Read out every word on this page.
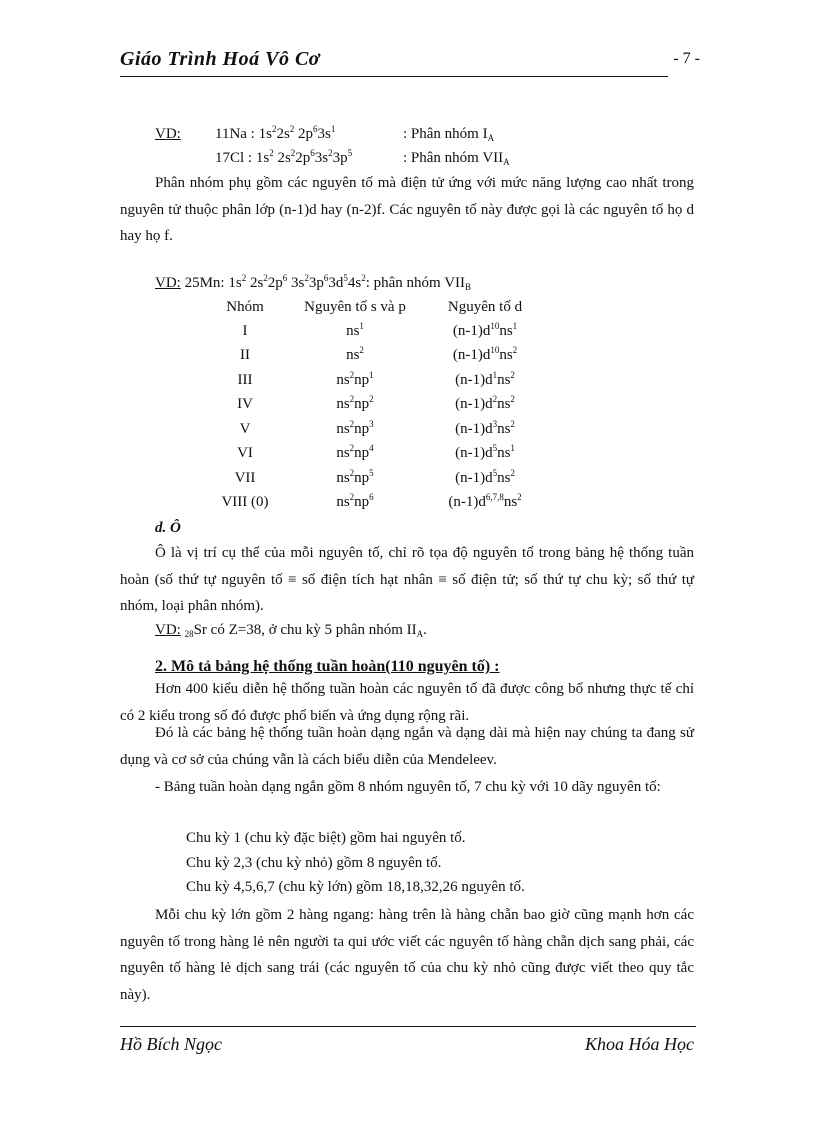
Giáo Trình Hoá Vô Cơ	- 7 -
VD: 11Na : $1s^22s^2$ $2p^63s^1$	: Phân nhóm $I_A$
17Cl : $1s^2$ $2s^22p^63s^23p^5$	: Phân nhóm $VII_A$
Phân nhóm phụ gồm các nguyên tố mà điện tử ứng với mức năng lượng cao nhất trong nguyên tử thuộc phân lớp (n-1)d hay (n-2)f. Các nguyên tố này được gọi là các nguyên tố họ d hay họ f.
VD: 25Mn: $1s^2$ $2s^22p^6$ $3s^23p^63d^54s^2$: phân nhóm $VII_B$
Nhóm	Nguyên tố s và p	Nguyên tố d
I	$ns^1$	$(n-1)d^{10}ns^1$
II	$ns^2$	$(n-1)d^{10}ns^2$
III	$ns^2np^1$	$(n-1)d^1ns^2$
IV	$ns^2np^2$	$(n-1)d^2ns^2$
V	$ns^2np^3$	$(n-1)d^3ns^2$
VI	$ns^2np^4$	$(n-1)d^5ns^1$
VII	$ns^2np^5$	$(n-1)d^5ns^2$
VIII (0)	$ns^2np^6$	$(n-1)d^{6,7,8}ns^2$
d. Ô
Ô là vị trí cụ thể của mỗi nguyên tố, chỉ rõ tọa độ nguyên tố trong bảng hệ thống tuần hoàn (số thứ tự nguyên tố ≡ số điện tích hạt nhân ≡ số điện tử; số thứ tự chu kỳ; số thứ tự nhóm, loại phân nhóm).
VD: $_{28}$Sr có Z=38, ở chu kỳ 5 phân nhóm $II_A$.
2. Mô tả bảng hệ thống tuần hoàn(110 nguyên tố) :
Hơn 400 kiểu diễn hệ thống tuần hoàn các nguyên tố đã được công bố nhưng thực tế chỉ có 2 kiểu trong số đó được phổ biến và ứng dụng rộng rãi.
Đó là các bảng hệ thống tuần hoàn dạng ngắn và dạng dài mà hiện nay chúng ta đang sử dụng và cơ sở của chúng vẫn là cách biểu diễn của Mendeleev.
- Bảng tuần hoàn dạng ngắn gồm 8 nhóm nguyên tố, 7 chu kỳ với 10 dãy nguyên tố:
Chu kỳ 1 (chu kỳ đặc biệt) gồm hai nguyên tố.
Chu kỳ 2,3 (chu kỳ nhỏ) gồm 8 nguyên tố.
Chu kỳ 4,5,6,7 (chu kỳ lớn) gồm 18,18,32,26 nguyên tố.
Mỗi chu kỳ lớn gồm 2 hàng ngang: hàng trên là hàng chẵn bao giờ cũng mạnh hơn các nguyên tố trong hàng lẻ nên người ta qui ước viết các nguyên tố hàng chẵn dịch sang phải, các nguyên tố hàng lẻ dịch sang trái (các nguyên tố của chu kỳ nhỏ cũng được viết theo quy tắc này).
Hồ Bích Ngọc	Khoa Hóa Học
